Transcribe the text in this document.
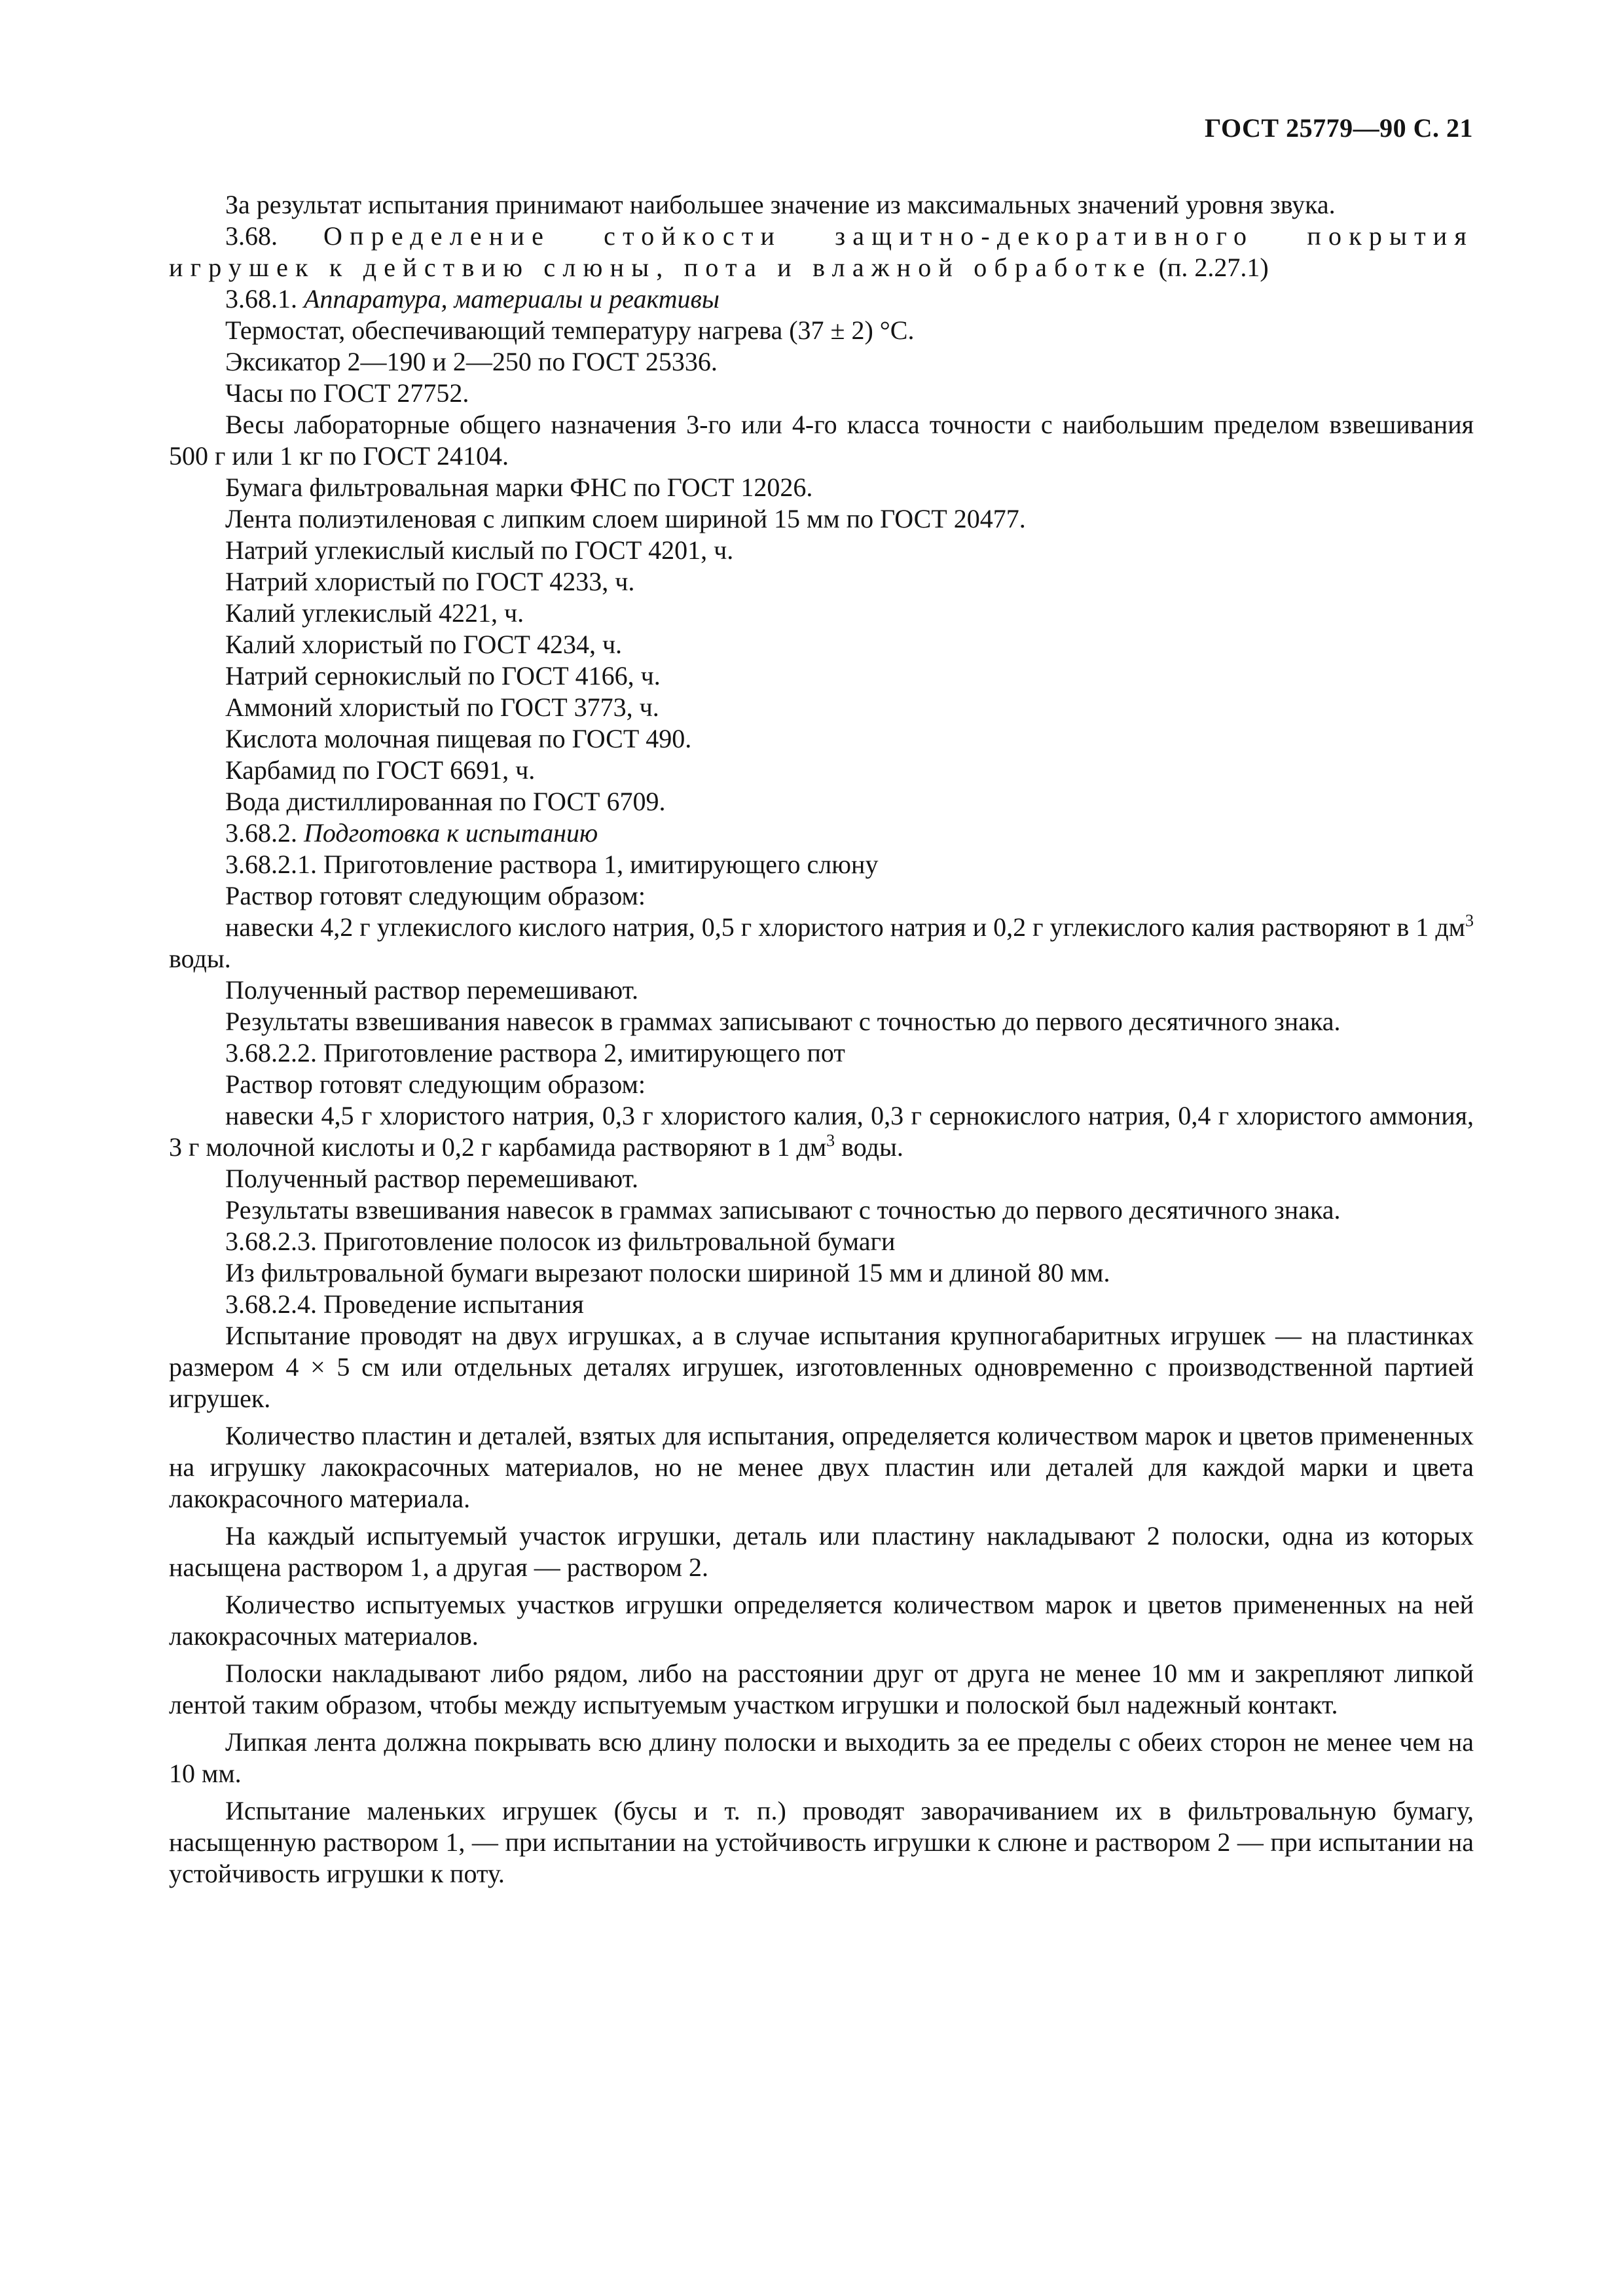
ГОСТ 25779—90 С. 21

За результат испытания принимают наибольшее значение из максимальных значений уровня звука.

3.68. Определение стойкости защитно-декоративного покрытия игрушек к действию слюны, пота и влажной обработке (п. 2.27.1)

3.68.1. Аппаратура, материалы и реактивы

Термостат, обеспечивающий температуру нагрева (37 ± 2) °С.

Эксикатор 2—190 и 2—250 по ГОСТ 25336.

Часы по ГОСТ 27752.

Весы лабораторные общего назначения 3-го или 4-го класса точности с наибольшим пределом взвешивания 500 г или 1 кг по ГОСТ 24104.

Бумага фильтровальная марки ФНС по ГОСТ 12026.

Лента полиэтиленовая с липким слоем шириной 15 мм по ГОСТ 20477.

Натрий углекислый кислый по ГОСТ 4201, ч.

Натрий хлористый по ГОСТ 4233, ч.

Калий углекислый 4221, ч.

Калий хлористый по ГОСТ 4234, ч.

Натрий сернокислый по ГОСТ 4166, ч.

Аммоний хлористый по ГОСТ 3773, ч.

Кислота молочная пищевая по ГОСТ 490.

Карбамид по ГОСТ 6691, ч.

Вода дистиллированная по ГОСТ 6709.

3.68.2. Подготовка к испытанию

3.68.2.1. Приготовление раствора 1, имитирующего слюну

Раствор готовят следующим образом:

навески 4,2 г углекислого кислого натрия, 0,5 г хлористого натрия и 0,2 г углекислого калия растворяют в 1 $дм^3$ воды.

Полученный раствор перемешивают.

Результаты взвешивания навесок в граммах записывают с точностью до первого десятичного знака.

3.68.2.2. Приготовление раствора 2, имитирующего пот

Раствор готовят следующим образом:

навески 4,5 г хлористого натрия, 0,3 г хлористого калия, 0,3 г сернокислого натрия, 0,4 г хлористого аммония, 3 г молочной кислоты и 0,2 г карбамида растворяют в 1 $дм^3$ воды.

Полученный раствор перемешивают.

Результаты взвешивания навесок в граммах записывают с точностью до первого десятичного знака.

3.68.2.3. Приготовление полосок из фильтровальной бумаги

Из фильтровальной бумаги вырезают полоски шириной 15 мм и длиной 80 мм.

3.68.2.4. Проведение испытания

Испытание проводят на двух игрушках, а в случае испытания крупногабаритных игрушек — на пластинках размером 4 × 5 см или отдельных деталях игрушек, изготовленных одновременно с производственной партией игрушек.

Количество пластин и деталей, взятых для испытания, определяется количеством марок и цветов примененных на игрушку лакокрасочных материалов, но не менее двух пластин или деталей для каждой марки и цвета лакокрасочного материала.

На каждый испытуемый участок игрушки, деталь или пластину накладывают 2 полоски, одна из которых насыщена раствором 1, а другая — раствором 2.

Количество испытуемых участков игрушки определяется количеством марок и цветов примененных на ней лакокрасочных материалов.

Полоски накладывают либо рядом, либо на расстоянии друг от друга не менее 10 мм и закрепляют липкой лентой таким образом, чтобы между испытуемым участком игрушки и полоской был надежный контакт.

Липкая лента должна покрывать всю длину полоски и выходить за ее пределы с обеих сторон не менее чем на 10 мм.

Испытание маленьких игрушек (бусы и т. п.) проводят заворачиванием их в фильтровальную бумагу, насыщенную раствором 1, — при испытании на устойчивость игрушки к слюне и раствором 2 — при испытании на устойчивость игрушки к поту.
